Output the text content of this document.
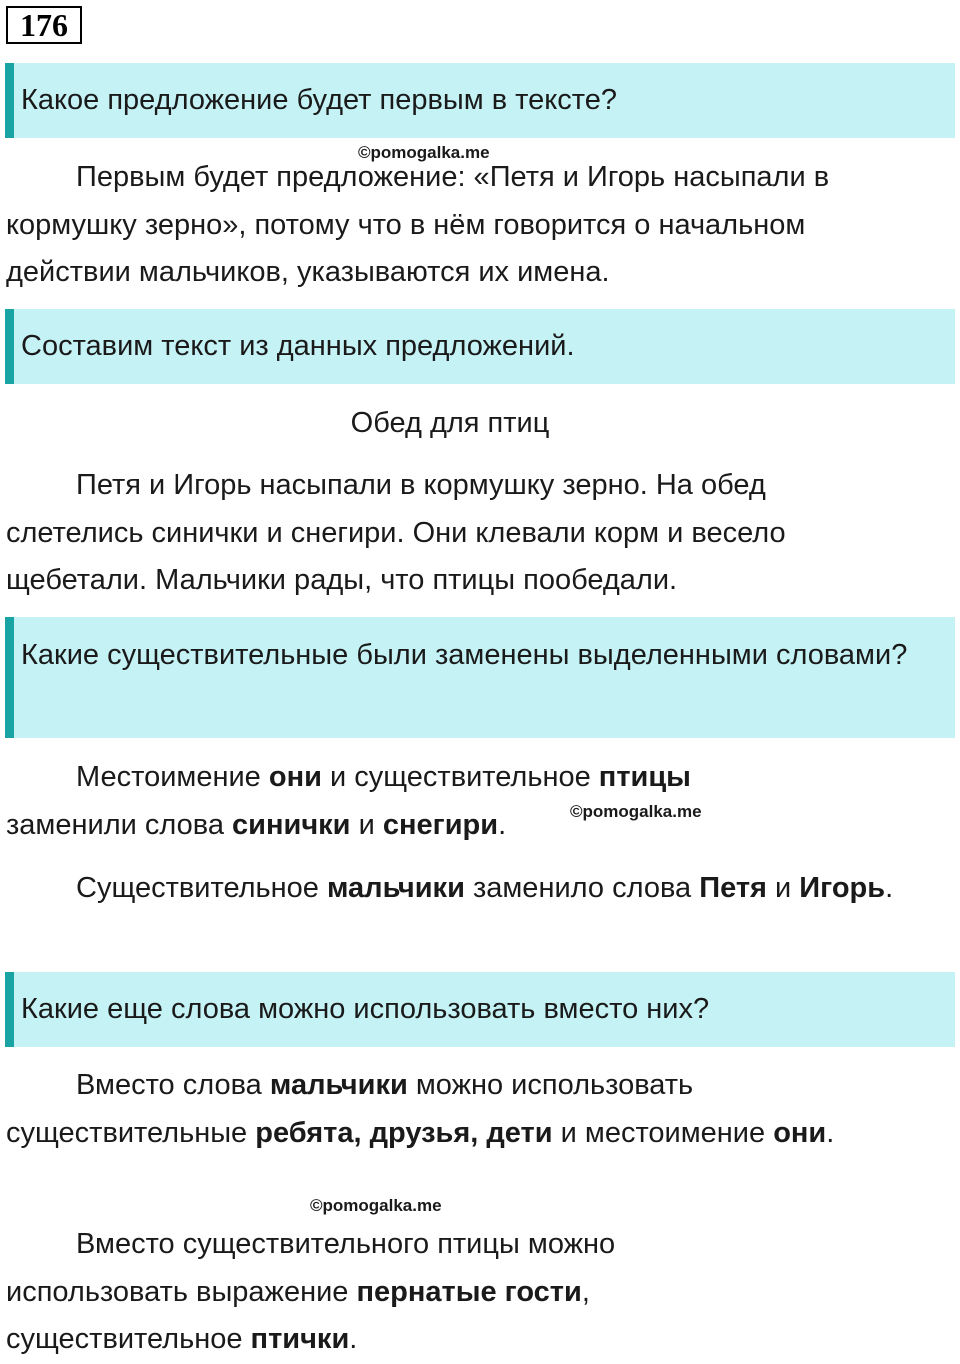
176
Какое предложение будет первым в тексте?
©pomogalka.me

Первым будет предложение: «Петя и Игорь насыпали в кормушку зерно», потому что в нём говорится о начальном действии мальчиков, указываются их имена.

Составим текст из данных предложений.
Обед для птиц

Петя и Игорь насыпали в кормушку зерно. На обед слетелись синички и снегири. Они клевали корм и весело щебетали. Мальчики рады, что птицы пообедали.

Какие существительные были заменены выделенными словами?

Местоимение они и существительное птицы заменили слова синички и снегири.	©pomogalka.me

Существительное мальчики заменило слова Петя и Игорь.

Какие еще слова можно использовать вместо них?

Вместо слова мальчики можно использовать существительные ребята, друзья, дети и местоимение они.

©pomogalka.me

Вместо существительного птицы можно использовать выражение пернатые гости, существительное птички.
